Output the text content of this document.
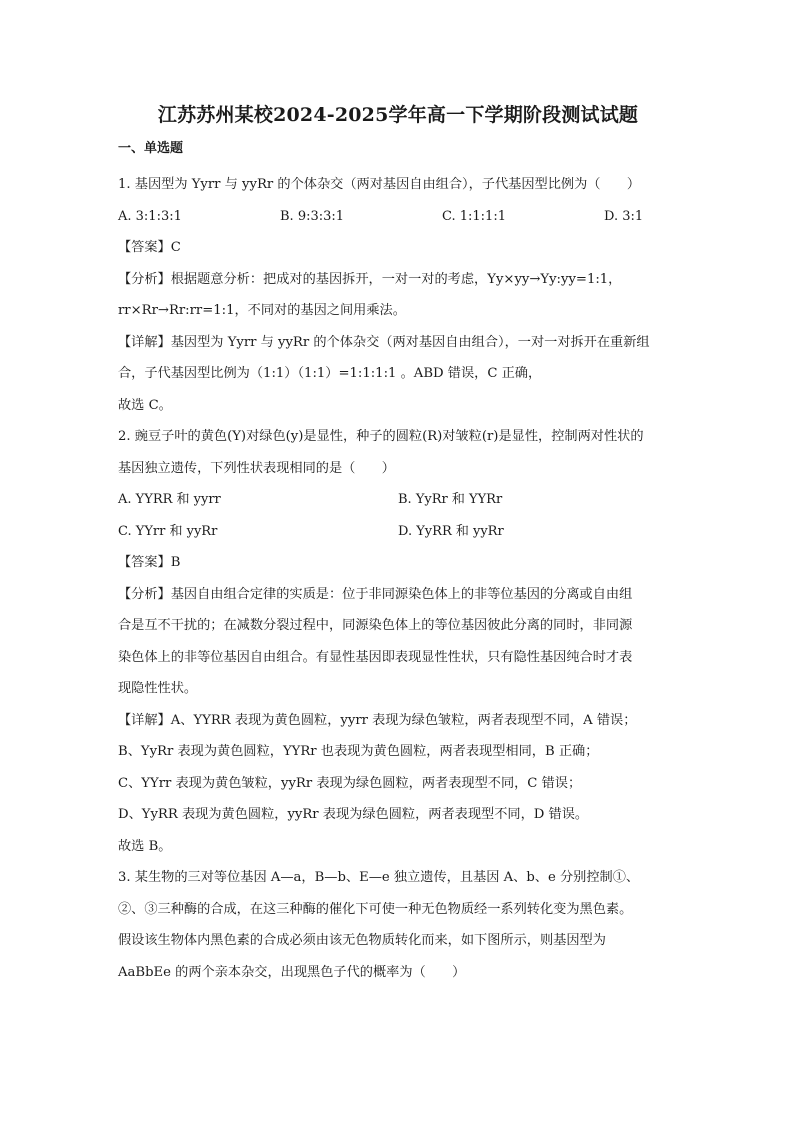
江苏苏州某校2024-2025学年高一下学期阶段测试试题
一、单选题

1. 基因型为 Yyrr 与 yyRr 的个体杂交（两对基因自由组合），子代基因型比例为（　　）

A. 3:1:3:1	B. 9:3:3:1	C. 1:1:1:1	D. 3:1

【答案】C

【分析】根据题意分析：把成对的基因拆开，一对一对的考虑，Yy×yy→Yy:yy=1:1，

rr×Rr→Rr:rr=1:1，不同对的基因之间用乘法。

【详解】基因型为 Yyrr 与 yyRr 的个体杂交（两对基因自由组合），一对一对拆开在重新组

合，子代基因型比例为（1:1）（1:1）=1:1:1:1 。ABD 错误，C 正确，

故选 C。

2. 豌豆子叶的黄色(Y)对绿色(y)是显性，种子的圆粒(R)对皱粒(r)是显性，控制两对性状的

基因独立遗传，下列性状表现相同的是（　　）

A. YYRR 和 yyrr	B. YyRr 和 YYRr
C. YYrr 和 yyRr	D. YyRR 和 yyRr

【答案】B

【分析】基因自由组合定律的实质是：位于非同源染色体上的非等位基因的分离或自由组

合是互不干扰的；在减数分裂过程中，同源染色体上的等位基因彼此分离的同时，非同源

染色体上的非等位基因自由组合。有显性基因即表现显性性状，只有隐性基因纯合时才表

现隐性性状。

【详解】A、YYRR 表现为黄色圆粒，yyrr 表现为绿色皱粒，两者表现型不同，A 错误；

B、YyRr 表现为黄色圆粒，YYRr 也表现为黄色圆粒，两者表现型相同，B 正确；

C、YYrr 表现为黄色皱粒，yyRr 表现为绿色圆粒，两者表现型不同，C 错误；

D、YyRR 表现为黄色圆粒，yyRr 表现为绿色圆粒，两者表现型不同，D 错误。

故选 B。

3. 某生物的三对等位基因 A—a，B—b、E—e 独立遗传，且基因 A、b、e 分别控制①、

②、③三种酶的合成，在这三种酶的催化下可使一种无色物质经一系列转化变为黑色素。

假设该生物体内黑色素的合成必须由该无色物质转化而来，如下图所示，则基因型为

AaBbEe 的两个亲本杂交，出现黑色子代的概率为（　　）
